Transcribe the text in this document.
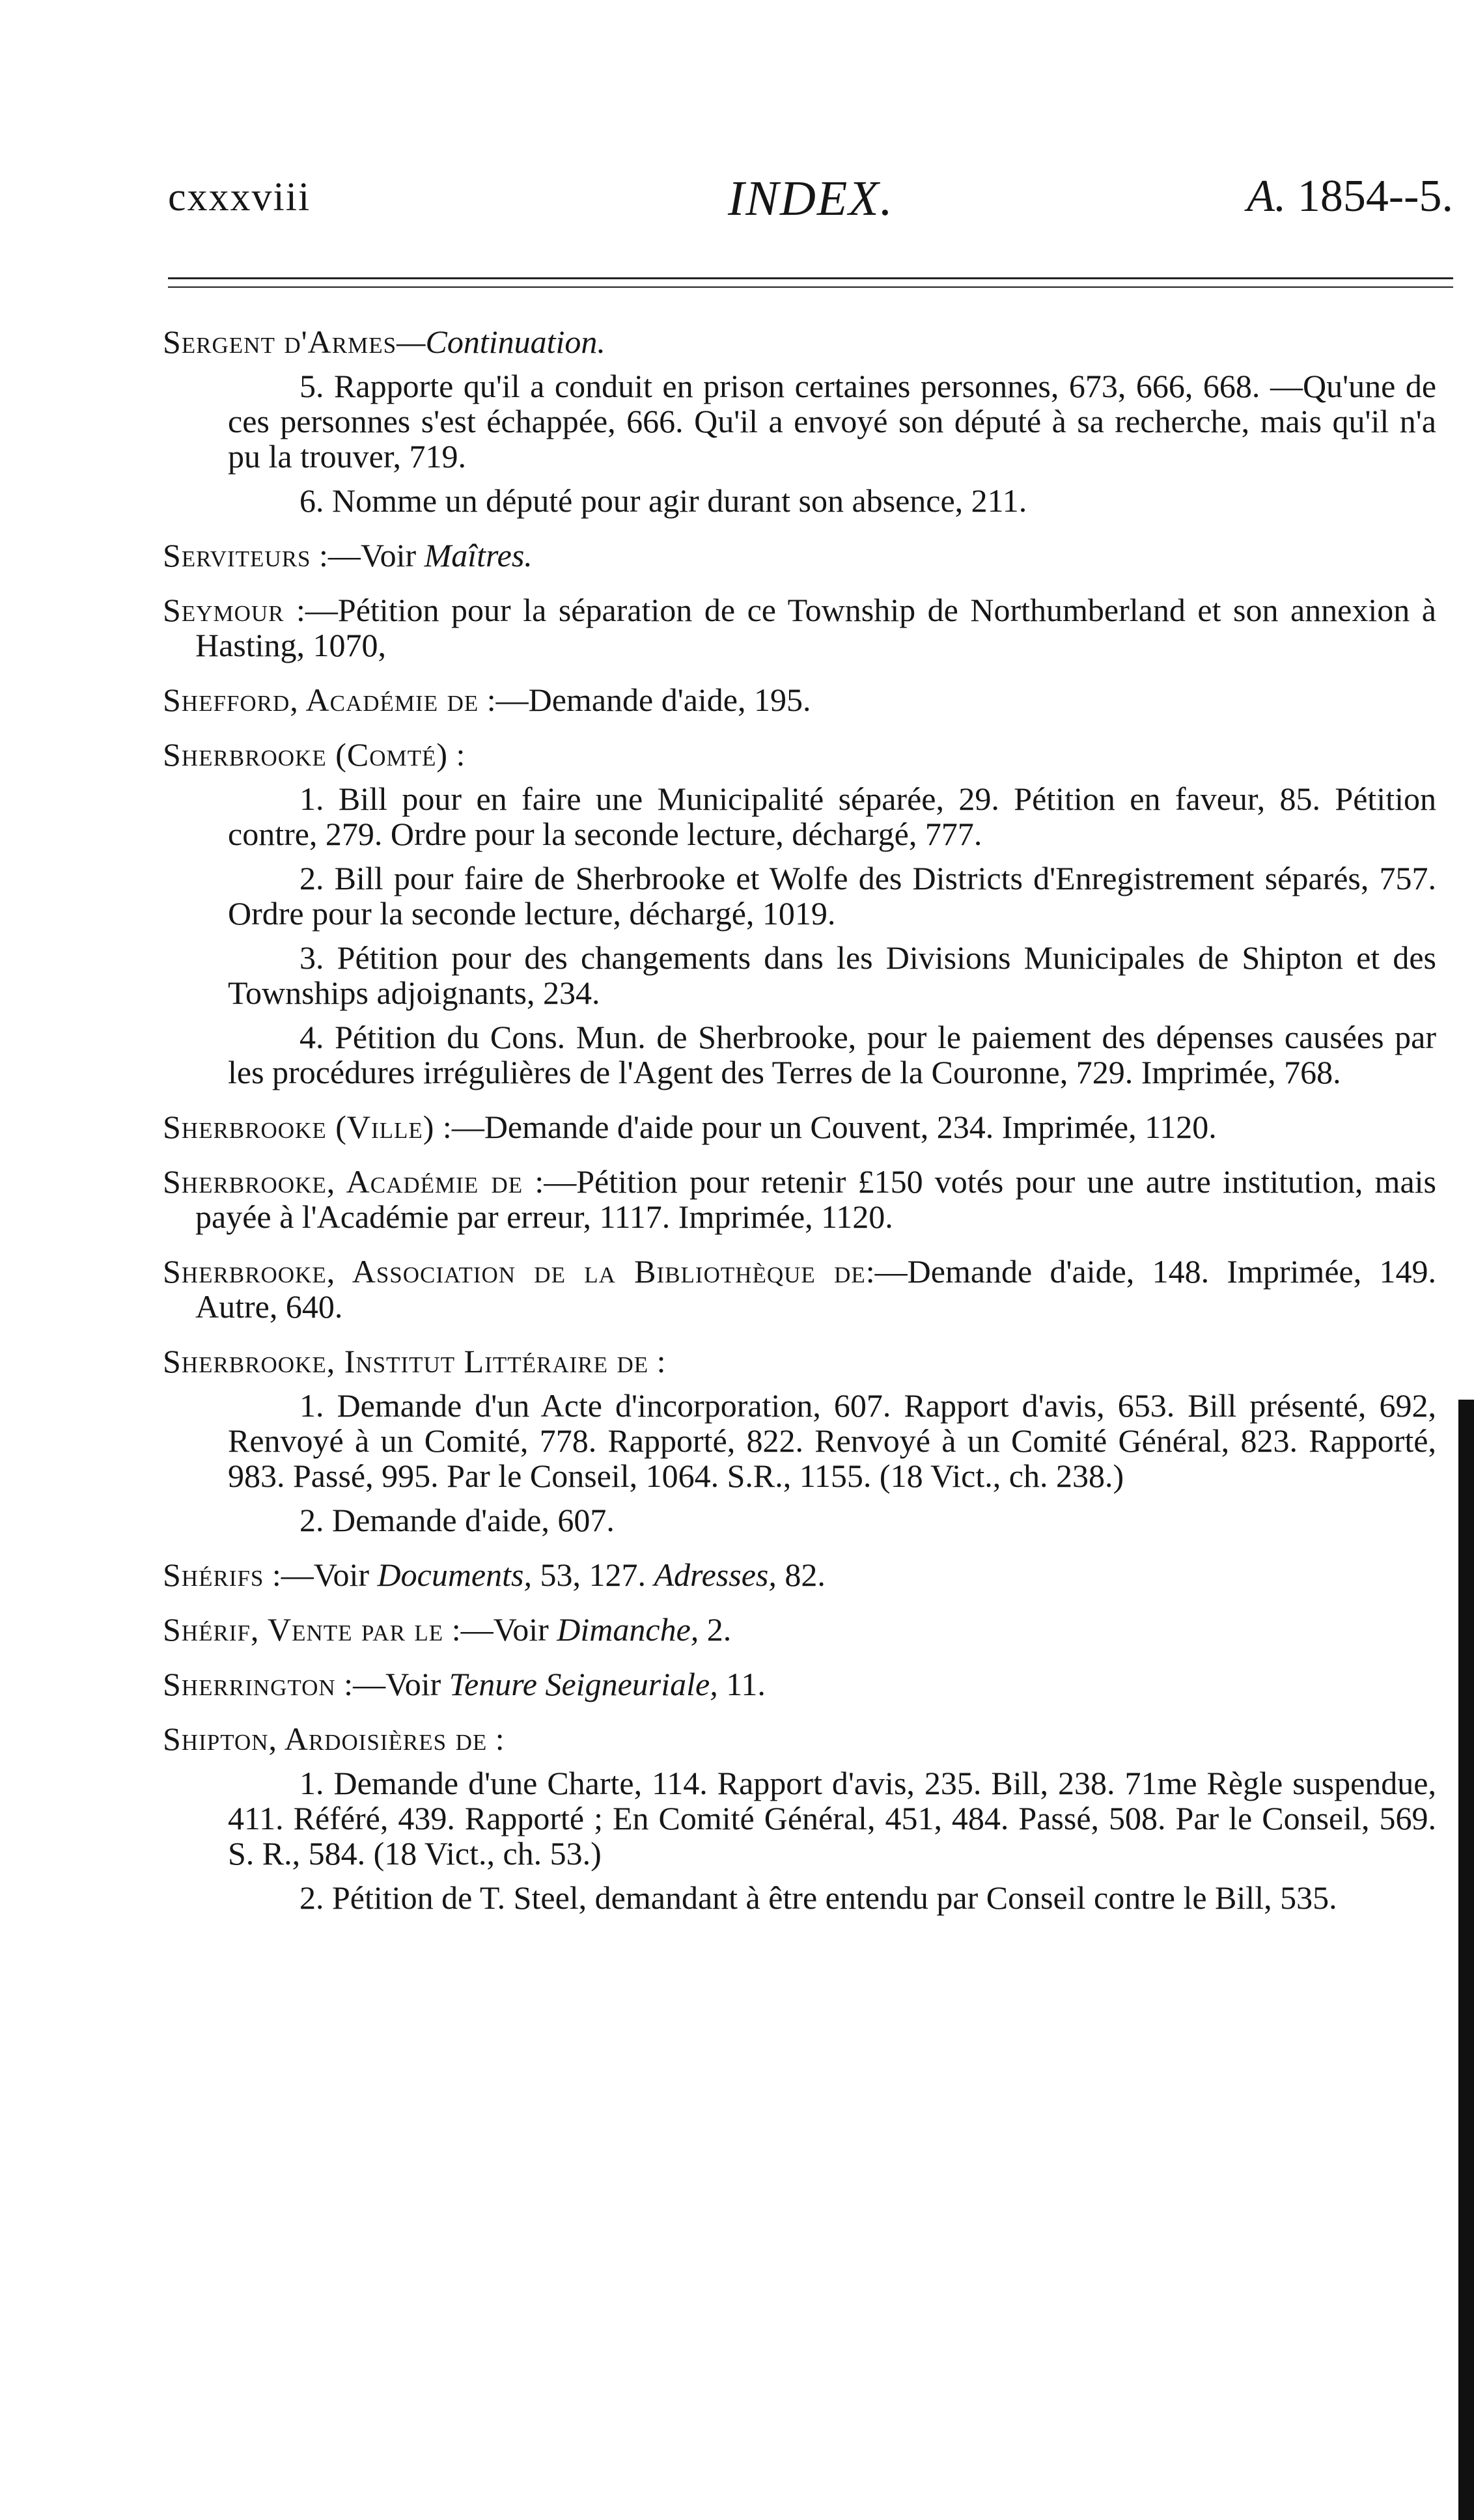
cxxxviii	INDEX.	A. 1854--5.
Sergent d'Armes—Continuation.
5. Rapporte qu'il a conduit en prison certaines personnes, 673, 666, 668. —Qu'une de ces personnes s'est échappée, 666. Qu'il a envoyé son député à sa recherche, mais qu'il n'a pu la trouver, 719.
6. Nomme un député pour agir durant son absence, 211.
Serviteurs :—Voir Maîtres.
Seymour :—Pétition pour la séparation de ce Township de Northumberland et son annexion à Hasting, 1070,
Shefford, Académie de :—Demande d'aide, 195.
Sherbrooke (Comté) :
1. Bill pour en faire une Municipalité séparée, 29. Pétition en faveur, 85. Pétition contre, 279. Ordre pour la seconde lecture, déchargé, 777.
2. Bill pour faire de Sherbrooke et Wolfe des Districts d'Enregistrement séparés, 757. Ordre pour la seconde lecture, déchargé, 1019.
3. Pétition pour des changements dans les Divisions Municipales de Shipton et des Townships adjoignants, 234.
4. Pétition du Cons. Mun. de Sherbrooke, pour le paiement des dépenses causées par les procédures irrégulières de l'Agent des Terres de la Couronne, 729. Imprimée, 768.
Sherbrooke (Ville) :—Demande d'aide pour un Couvent, 234. Imprimée, 1120.
Sherbrooke, Académie de :—Pétition pour retenir £150 votés pour une autre institution, mais payée à l'Académie par erreur, 1117. Imprimée, 1120.
Sherbrooke, Association de la Bibliothèque de:—Demande d'aide, 148. Imprimée, 149. Autre, 640.
Sherbrooke, Institut Littéraire de :
1. Demande d'un Acte d'incorporation, 607. Rapport d'avis, 653. Bill présenté, 692, Renvoyé à un Comité, 778. Rapporté, 822. Renvoyé à un Comité Général, 823. Rapporté, 983. Passé, 995. Par le Conseil, 1064. S.R., 1155. (18 Vict., ch. 238.)
2. Demande d'aide, 607.
Shérifs :—Voir Documents, 53, 127. Adresses, 82.
Shérif, Vente par le :—Voir Dimanche, 2.
Sherrington :—Voir Tenure Seigneuriale, 11.
Shipton, Ardoisières de :
1. Demande d'une Charte, 114. Rapport d'avis, 235. Bill, 238. 71me Règle suspendue, 411. Référé, 439. Rapporté ; En Comité Général, 451, 484. Passé, 508. Par le Conseil, 569. S. R., 584. (18 Vict., ch. 53.)
2. Pétition de T. Steel, demandant à être entendu par Conseil contre le Bill, 535.
